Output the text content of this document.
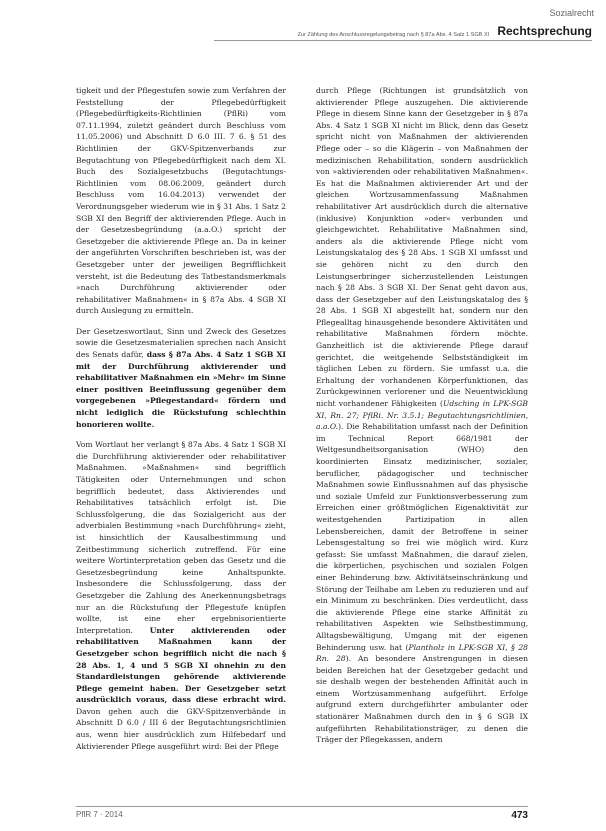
Sozialrecht
Zur Zählung des Anschlussregelungsbetrag nach § 87a Abs. 4 Satz 1 SGB XI Rechtsprechung

tigkeit und der Pflegestufen sowie zum Verfahren der Feststellung der Pflegebedürftigkeit (Pflegebedürftigkeits-Richtlinien (PflRi) vom 07.11.1994, zuletzt geändert durch Beschluss vom 11.05.2006) und Abschnitt D 6.0 III. 7 6. § 51 des Richtlinien der GKV-Spitzenverbands zur Begutachtung von Pflegebedürftigkeit nach dem XI. Buch des Sozialgesetzbuchs (Begutachtungs-Richtlinien vom 08.06.2009, geändert durch Beschluss vom 16.04.2013) verwendet der Verordnungsgeber wiederum wie in § 31 Abs. 1 Satz 2 SGB XI den Begriff der aktivierenden Pflege. Auch in der Gesetzesbegründung (a.a.O.) spricht der Gesetzgeber die aktivierende Pflege an. Da in keiner der angeführten Vorschriften beschrieben ist, was der Gesetzgeber unter der jeweiligen Begrifflichkeit versteht, ist die Bedeutung des Tatbestandsmerkmals »nach Durchführung aktivierender oder rehabilitativer Maßnahmen« in § 87a Abs. 4 SGB XI durch Auslegung zu ermitteln.

Der Gesetzeswortlaut, Sinn und Zweck des Gesetzes sowie die Gesetzesmaterialien sprechen nach Ansicht des Senats dafür, dass § 87a Abs. 4 Satz 1 SGB XI mit der Durchführung aktivierender und rehabilitativer Maßnahmen ein »Mehr« im Sinne einer positiven Beeinflussung gegenüber dem vorgegebenen »Pflegestandard« fördern und nicht lediglich die Rückstufung schlechthin honorieren wollte.

Vom Wortlaut her verlangt § 87a Abs. 4 Satz 1 SGB XI die Durchführung aktivierender oder rehabilitativer Maßnahmen. »Maßnahmen« sind begrifflich Tätigkeiten oder Unternehmungen und schon begrifflich bedeutet, dass Aktivierendes und Rehabilitatives tatsächlich erfolgt ist. Die Schlussfolgerung, die das Sozialgericht aus der adverbialen Bestimmung »nach Durchführung« zieht, ist hinsichtlich der Kausalbestimmung und Zeitbestimmung sicherlich zutreffend. Für eine weitere Wortinterpretation geben das Gesetz und die Gesetzesbegründung keine Anhaltspunkte. Insbesondere die Schlussfolgerung, dass der Gesetzgeber die Zahlung des Anerkennungsbetrags nur an die Rückstufung der Pflegestufe knüpfen wollte, ist eine eher ergebnisorientierte Interpretation. Unter aktivierenden oder rehabilitativen Maßnahmen kann der Gesetzgeber schon begrifflich nicht die nach § 28 Abs. 1, 4 und 5 SGB XI ohnehin zu den Standardleistungen gehörende aktivierende Pflege gemeint haben. Der Gesetzgeber setzt ausdrücklich voraus, dass diese erbracht wird. Davon gehen auch die GKV-Spitzenverbände in Abschnitt D 6.0 / III 6 der Begutachtungsrichtlinien aus, wenn hier ausdrücklich zum Hilfebedarf und Aktivierender Pflege ausgeführt wird: Bei der Pflege

durch Pflege (Richtungen ist grundsätzlich von aktivierender Pflege auszugehen. Die aktivierende Pflege in diesem Sinne kann der Gesetzgeber in § 87a Abs. 4 Satz 1 SGB XI nicht im Blick, denn das Gesetz spricht nicht von Maßnahmen der aktivierenden Pflege oder – so die Klägerin – von Maßnahmen der medizinischen Rehabilitation, sondern ausdrücklich von »aktivierenden oder rehabilitativen Maßnahmen«. Es hat die Maßnahmen aktivierender Art und der gleichen Wortzusammenfassung Maßnahmen rehabilitativer Art ausdrücklich durch die alternative (inklusive) Konjunktion »oder« verbunden und gleichgewichtet. Rehabilitative Maßnahmen sind, anders als die aktivierende Pflege nicht vom Leistungskatalog des § 28 Abs. 1 SGB XI umfasst und sie gehören nicht zu den durch den Leistungserbringer sicherzustellenden Leistungen nach § 28 Abs. 3 SGB XI. Der Senat geht davon aus, dass der Gesetzgeber auf den Leistungskatalog des § 28 Abs. 1 SGB XI abgestellt hat, sondern nur den Pflegealltag hinausgehende besondere Aktivitäten und rehabilitative Maßnahmen fördern möchte. Ganzheitlich ist die aktivierende Pflege darauf gerichtet, die weitgehende Selbstständigkeit im täglichen Leben zu fördern. Sie umfasst u.a. die Erhaltung der vorhandenen Körperfunktionen, das Zurückgewinnen verlorener und die Neuentwicklung nicht vorhandener Fähigkeiten (Udsching in LPK-SGB XI, Rn. 27; PflRi. Nr. 3.5.1; Begutachtungsrichtlinien, a.a.O.). Die Rehabilitation umfasst nach der Definition im Technical Report 668/1981 der Weltgesundheitsorganisation (WHO) den koordinierten Einsatz medizinischer, sozialer, beruflicher, pädagogischer und technischer Maßnahmen sowie Einflussnahmen auf das physische und soziale Umfeld zur Funktionsverbesserung zum Erreichen einer größtmöglichen Eigenaktivität zur weitestgehenden Partizipation in allen Lebensbereichen, damit der Betroffene in seiner Lebensgestaltung so frei wie möglich wird. Kurz gefasst: Sie umfasst Maßnahmen, die darauf zielen, die körperlichen, psychischen und sozialen Folgen einer Behinderung bzw. Aktivitätseinschränkung und Störung der Teilhabe am Leben zu reduzieren und auf ein Minimum zu beschränken. Dies verdeutlicht, dass die aktivierende Pflege eine starke Affinität zu rehabilitativen Aspekten wie Selbstbestimmung, Alltagsbewältigung, Umgang mit der eigenen Behinderung usw. hat (Plantholz in LPK-SGB XI, § 28 Rn. 28). An besondere Anstrengungen in diesen beiden Bereichen hat der Gesetzgeber gedacht und sie deshalb wegen der bestehenden Affinität auch in einem Wortzusammenhang aufgeführt. Erfolge aufgrund extern durchgeführter ambulanter oder stationärer Maßnahmen durch den in § 6 SGB IX aufgeführten Rehabilitationsträger, zu denen die Träger der Pflegekassen, andern

PflR 7 · 2014	473
